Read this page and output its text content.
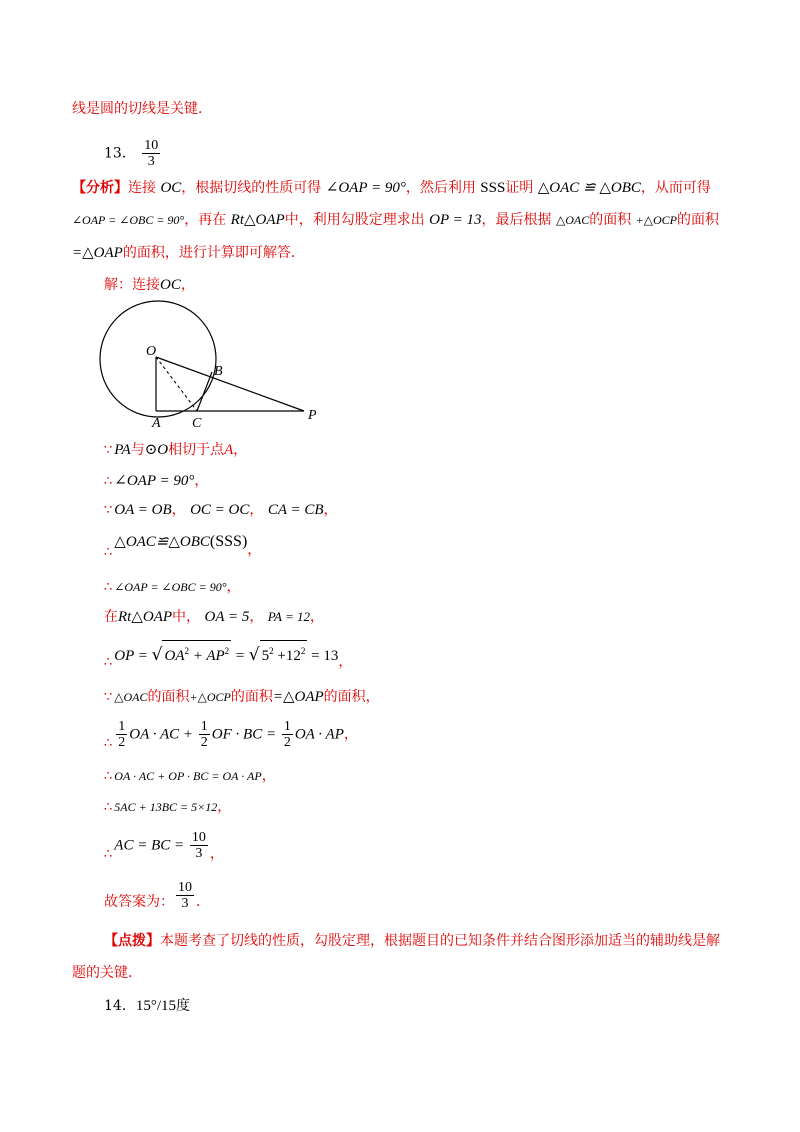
线是圆的切线是关键．
13． $\frac{10}{3}$
【分析】连接 OC，根据切线的性质可得 ∠OAP = 90°，然后利用 SSS证明 △OAC ≌ △OBC，从而可得
∠OAP = ∠OBC = 90°，再在 Rt△OAP中，利用勾股定理求出 OP = 13，最后根据 △OAC的面积 +△OCP的面积
=△OAP的面积，进行计算即可解答．
解：连接OC，
O
B
A C
P
∵ PA与⊙O相切于点A，
∴ ∠OAP = 90°，
∵ OA = OB， OC = OC， CA = CB，
∴△OAC≌△OBC(SSS)，
∴ ∠OAP = ∠OBC = 90°，
在Rt△OAP中， OA = 5， PA = 12，
∴ OP = √ $OA^2 + AP^2$ = √ $5^2 +12^2 = 13$，
∵ △OAC的面积+△OCP的面积=△OAP的面积，
∴ $\frac{1}{2}$ OA · AC + $\frac{1}{2}$ OF · BC = $\frac{1}{2}$ OA · AP，
∴ OA · AC + OP · BC = OA · AP，
∴ 5AC + 13BC = 5×12，
∴AC = BC = $\frac{10}{3}$ ，
故答案为： $\frac{10}{3}$ ．
【点拨】本题考查了切线的性质，勾股定理，根据题目的已知条件并结合图形添加适当的辅助线是解
题的关键．
14．15°/15度
